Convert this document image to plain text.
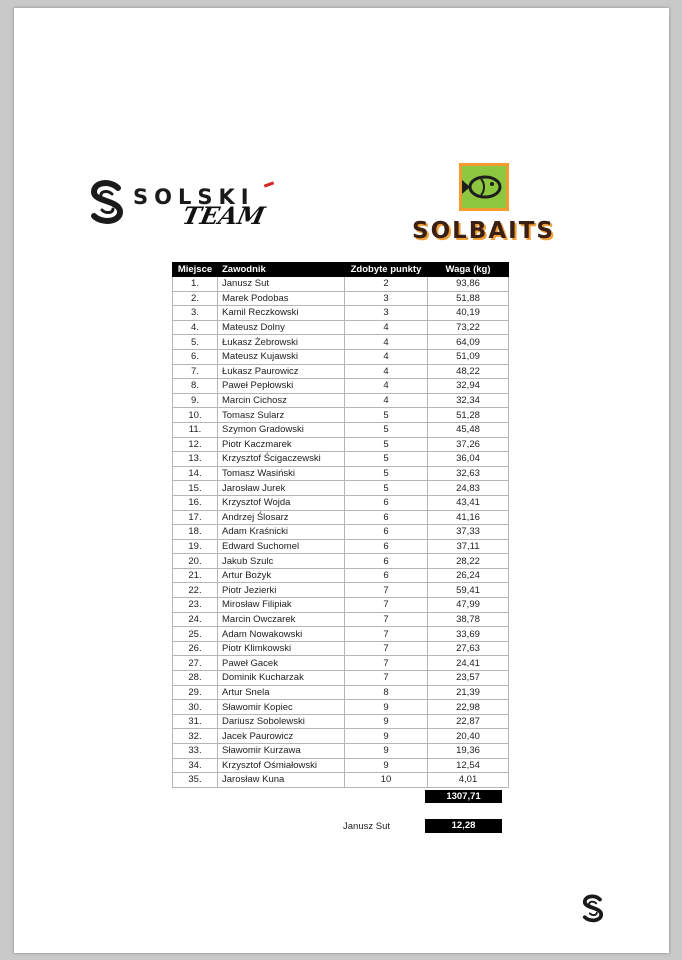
SOLSKI
TEAM
SOLBAITS
Miejsce	Zawodnik	Zdobyte punkty	Waga (kg)
1.	Janusz Sut	2	93,86
2.	Marek Podobas	3	51,88
3.	Kamil Reczkowski	3	40,19
4.	Mateusz Dolny	4	73,22
5.	Łukasz Żebrowski	4	64,09
6.	Mateusz Kujawski	4	51,09
7.	Łukasz Paurowicz	4	48,22
8.	Paweł Pepłowski	4	32,94
9.	Marcin Cichosz	4	32,34
10.	Tomasz Sularz	5	51,28
11.	Szymon Gradowski	5	45,48
12.	Piotr Kaczmarek	5	37,26
13.	Krzysztof Ścigaczewski	5	36,04
14.	Tomasz Wasiński	5	32,63
15.	Jarosław Jurek	5	24,83
16.	Krzysztof Wojda	6	43,41
17.	Andrzej Ślosarz	6	41,16
18.	Adam Kraśnicki	6	37,33
19.	Edward Suchomel	6	37,11
20.	Jakub Szulc	6	28,22
21.	Artur Bożyk	6	26,24
22.	Piotr Jezierki	7	59,41
23.	Mirosław Filipiak	7	47,99
24.	Marcin Owczarek	7	38,78
25.	Adam Nowakowski	7	33,69
26.	Piotr Klimkowski	7	27,63
27.	Paweł Gacek	7	24,41
28.	Dominik Kucharzak	7	23,57
29.	Artur Snela	8	21,39
30.	Sławomir Kopiec	9	22,98
31.	Dariusz Sobolewski	9	22,87
32.	Jacek Paurowicz	9	20,40
33.	Sławomir Kurzawa	9	19,36
34.	Krzysztof Ośmiałowski	9	12,54
35.	Jarosław Kuna	10	4,01
1307,71
Janusz Sut	12,28
